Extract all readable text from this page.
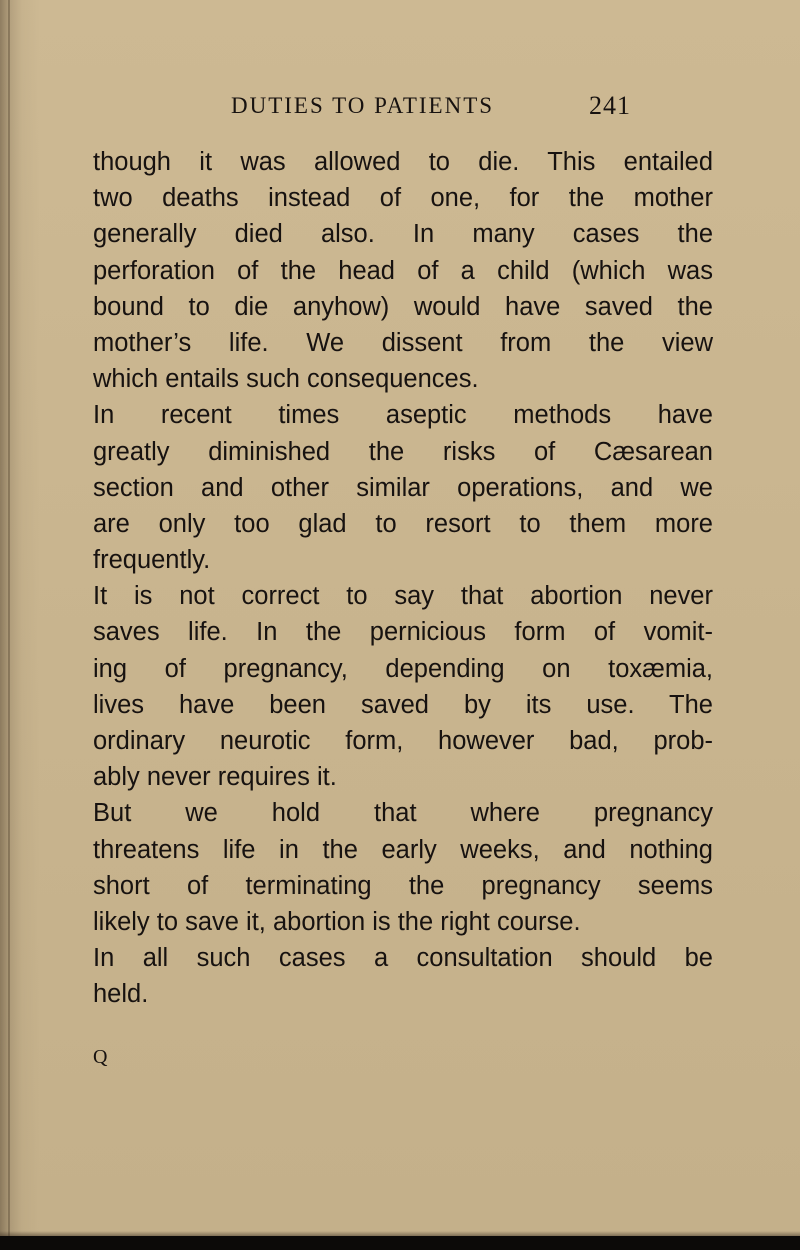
DUTIES TO PATIENTS	241
though it was allowed to die. This entailed
two deaths instead of one, for the mother
generally died also. In many cases the
perforation of the head of a child (which was
bound to die anyhow) would have saved the
mother’s life. We dissent from the view
which entails such consequences.
In recent times aseptic methods have
greatly diminished the risks of Cæsarean
section and other similar operations, and we
are only too glad to resort to them more
frequently.
It is not correct to say that abortion never
saves life. In the pernicious form of vomit-
ing of pregnancy, depending on toxæmia,
lives have been saved by its use. The
ordinary neurotic form, however bad, prob-
ably never requires it.
But we hold that where pregnancy
threatens life in the early weeks, and nothing
short of terminating the pregnancy seems
likely to save it, abortion is the right course.
In all such cases a consultation should be
held.
Q
